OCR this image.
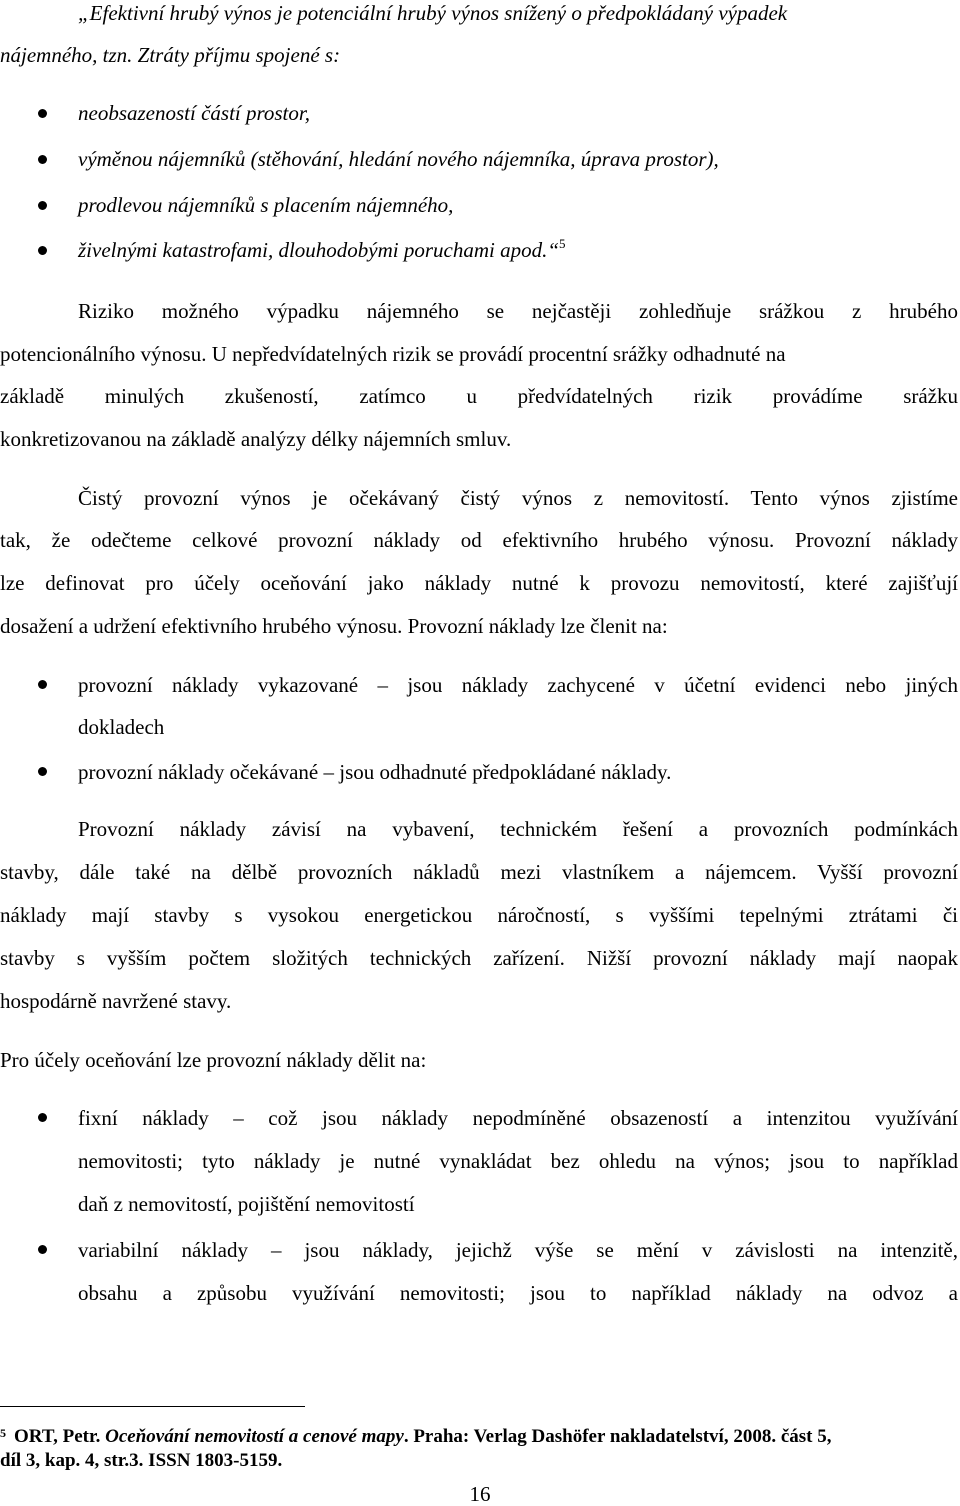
„Efektivní hrubý výnos je potenciální hrubý výnos snížený o předpokládaný výpadek
nájemného, tzn. Ztráty příjmu spojené s:
neobsazeností částí prostor,
výměnou nájemníků (stěhování, hledání nového nájemníka, úprava prostor),
prodlevou nájemníků s placením nájemného,
živelnými katastrofami, dlouhodobými poruchami apod.“$^5$
Riziko možného výpadku nájemného se nejčastěji zohledňuje srážkou z hrubého
potencionálního výnosu. U nepředvídatelných rizik se provádí procentní srážky odhadnuté na
základě minulých zkušeností, zatímco u předvídatelných rizik provádíme srážku
konkretizovanou na základě analýzy délky nájemních smluv.
Čistý provozní výnos je očekávaný čistý výnos z nemovitostí. Tento výnos zjistíme
tak, že odečteme celkové provozní náklady od efektivního hrubého výnosu. Provozní náklady
lze definovat pro účely oceňování jako náklady nutné k provozu nemovitostí, které zajišťují
dosažení a udržení efektivního hrubého výnosu. Provozní náklady lze členit na:
provozní náklady vykazované – jsou náklady zachycené v účetní evidenci nebo jiných
dokladech
provozní náklady očekávané – jsou odhadnuté předpokládané náklady.
Provozní náklady závisí na vybavení, technickém řešení a provozních podmínkách
stavby, dále také na dělbě provozních nákladů mezi vlastníkem a nájemcem. Vyšší provozní
náklady mají stavby s vysokou energetickou náročností, s vyššími tepelnými ztrátami či
stavby s vyšším počtem složitých technických zařízení. Nižší provozní náklady mají naopak
hospodárně navržené stavy.
Pro účely oceňování lze provozní náklady dělit na:
fixní náklady – což jsou náklady nepodmíněné obsazeností a intenzitou využívání
nemovitosti; tyto náklady je nutné vynakládat bez ohledu na výnos; jsou to například
daň z nemovitostí, pojištění nemovitostí
variabilní náklady – jsou náklady, jejichž výše se mění v závislosti na intenzitě,
obsahu a způsobu využívání nemovitosti; jsou to například náklady na odvoz a
$^5$ ORT, Petr. Oceňování nemovitostí a cenové mapy. Praha: Verlag Dashöfer nakladatelství, 2008. část 5,
díl 3, kap. 4, str.3. ISSN 1803-5159.
16
